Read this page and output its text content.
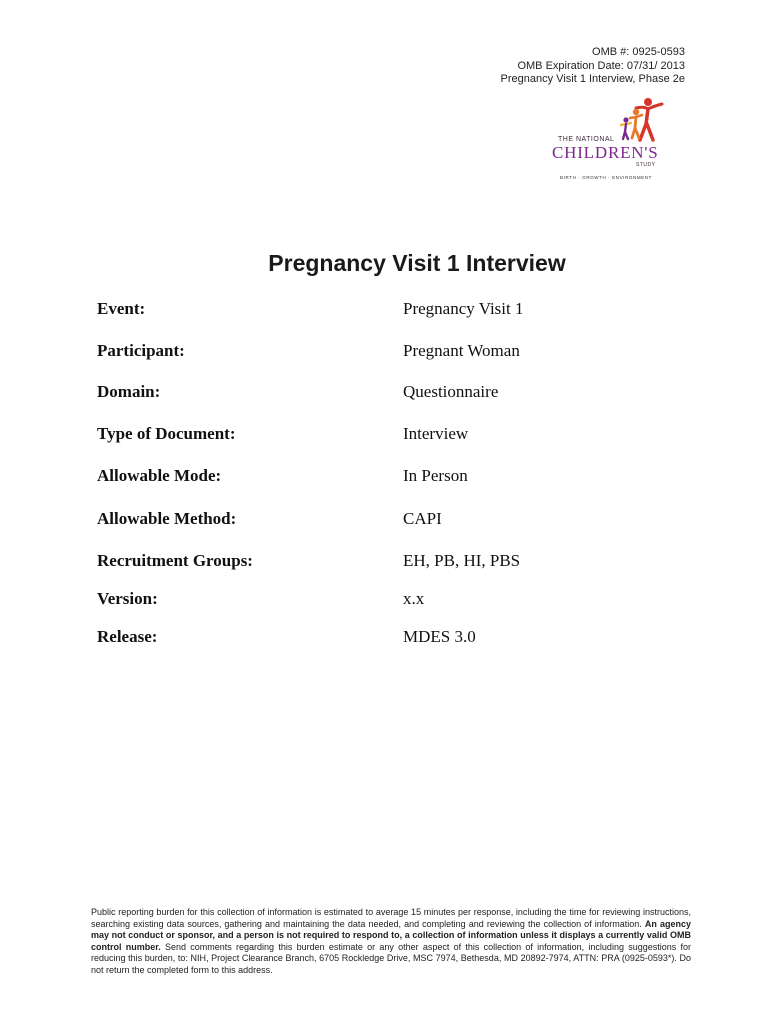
OMB #: 0925-0593
OMB Expiration Date: 07/31/ 2013
Pregnancy Visit 1 Interview, Phase 2e
THE NATIONAL
CHILDREN'S
STUDY
BIRTH · GROWTH · ENVIRONMENT
Pregnancy Visit 1 Interview
Event:	Pregnancy Visit 1
Participant:	Pregnant Woman
Domain:	Questionnaire
Type of Document:	Interview
Allowable Mode:	In Person
Allowable Method:	CAPI
Recruitment Groups:	EH, PB, HI, PBS
Version:	x.x
Release:	MDES 3.0
Public reporting burden for this collection of information is estimated to average 15 minutes per response, including the time for reviewing instructions, searching existing data sources, gathering and maintaining the data needed, and completing and reviewing the collection of information. An agency may not conduct or sponsor, and a person is not required to respond to, a collection of information unless it displays a currently valid OMB control number. Send comments regarding this burden estimate or any other aspect of this collection of information, including suggestions for reducing this burden, to: NIH, Project Clearance Branch, 6705 Rockledge Drive, MSC 7974, Bethesda, MD 20892-7974, ATTN: PRA (0925-0593*). Do not return the completed form to this address.
